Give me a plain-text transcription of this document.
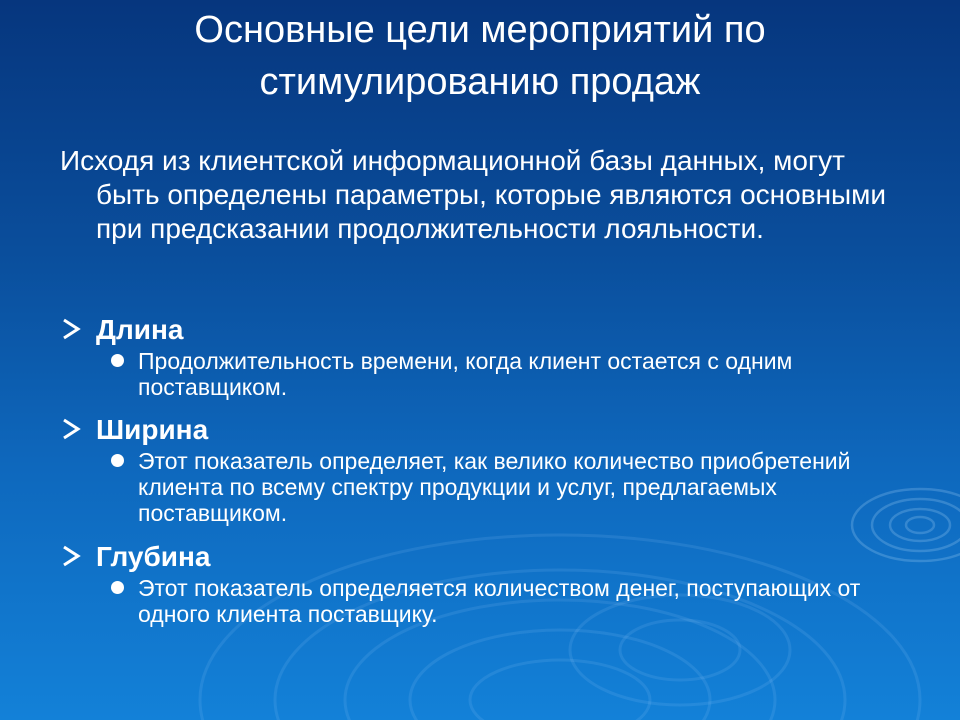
Основные цели мероприятий по стимулированию продаж

Исходя из клиентской информационной базы данных, могут быть определены параметры, которые являются основными при предсказании продолжительности лояльности.

Длина
Продолжительность времени, когда клиент остается с одним поставщиком.
Ширина
Этот показатель определяет, как велико количество приобретений клиента по всему спектру продукции и услуг, предлагаемых поставщиком.
Глубина
Этот показатель определяется количеством денег, поступающих от одного клиента поставщику.
